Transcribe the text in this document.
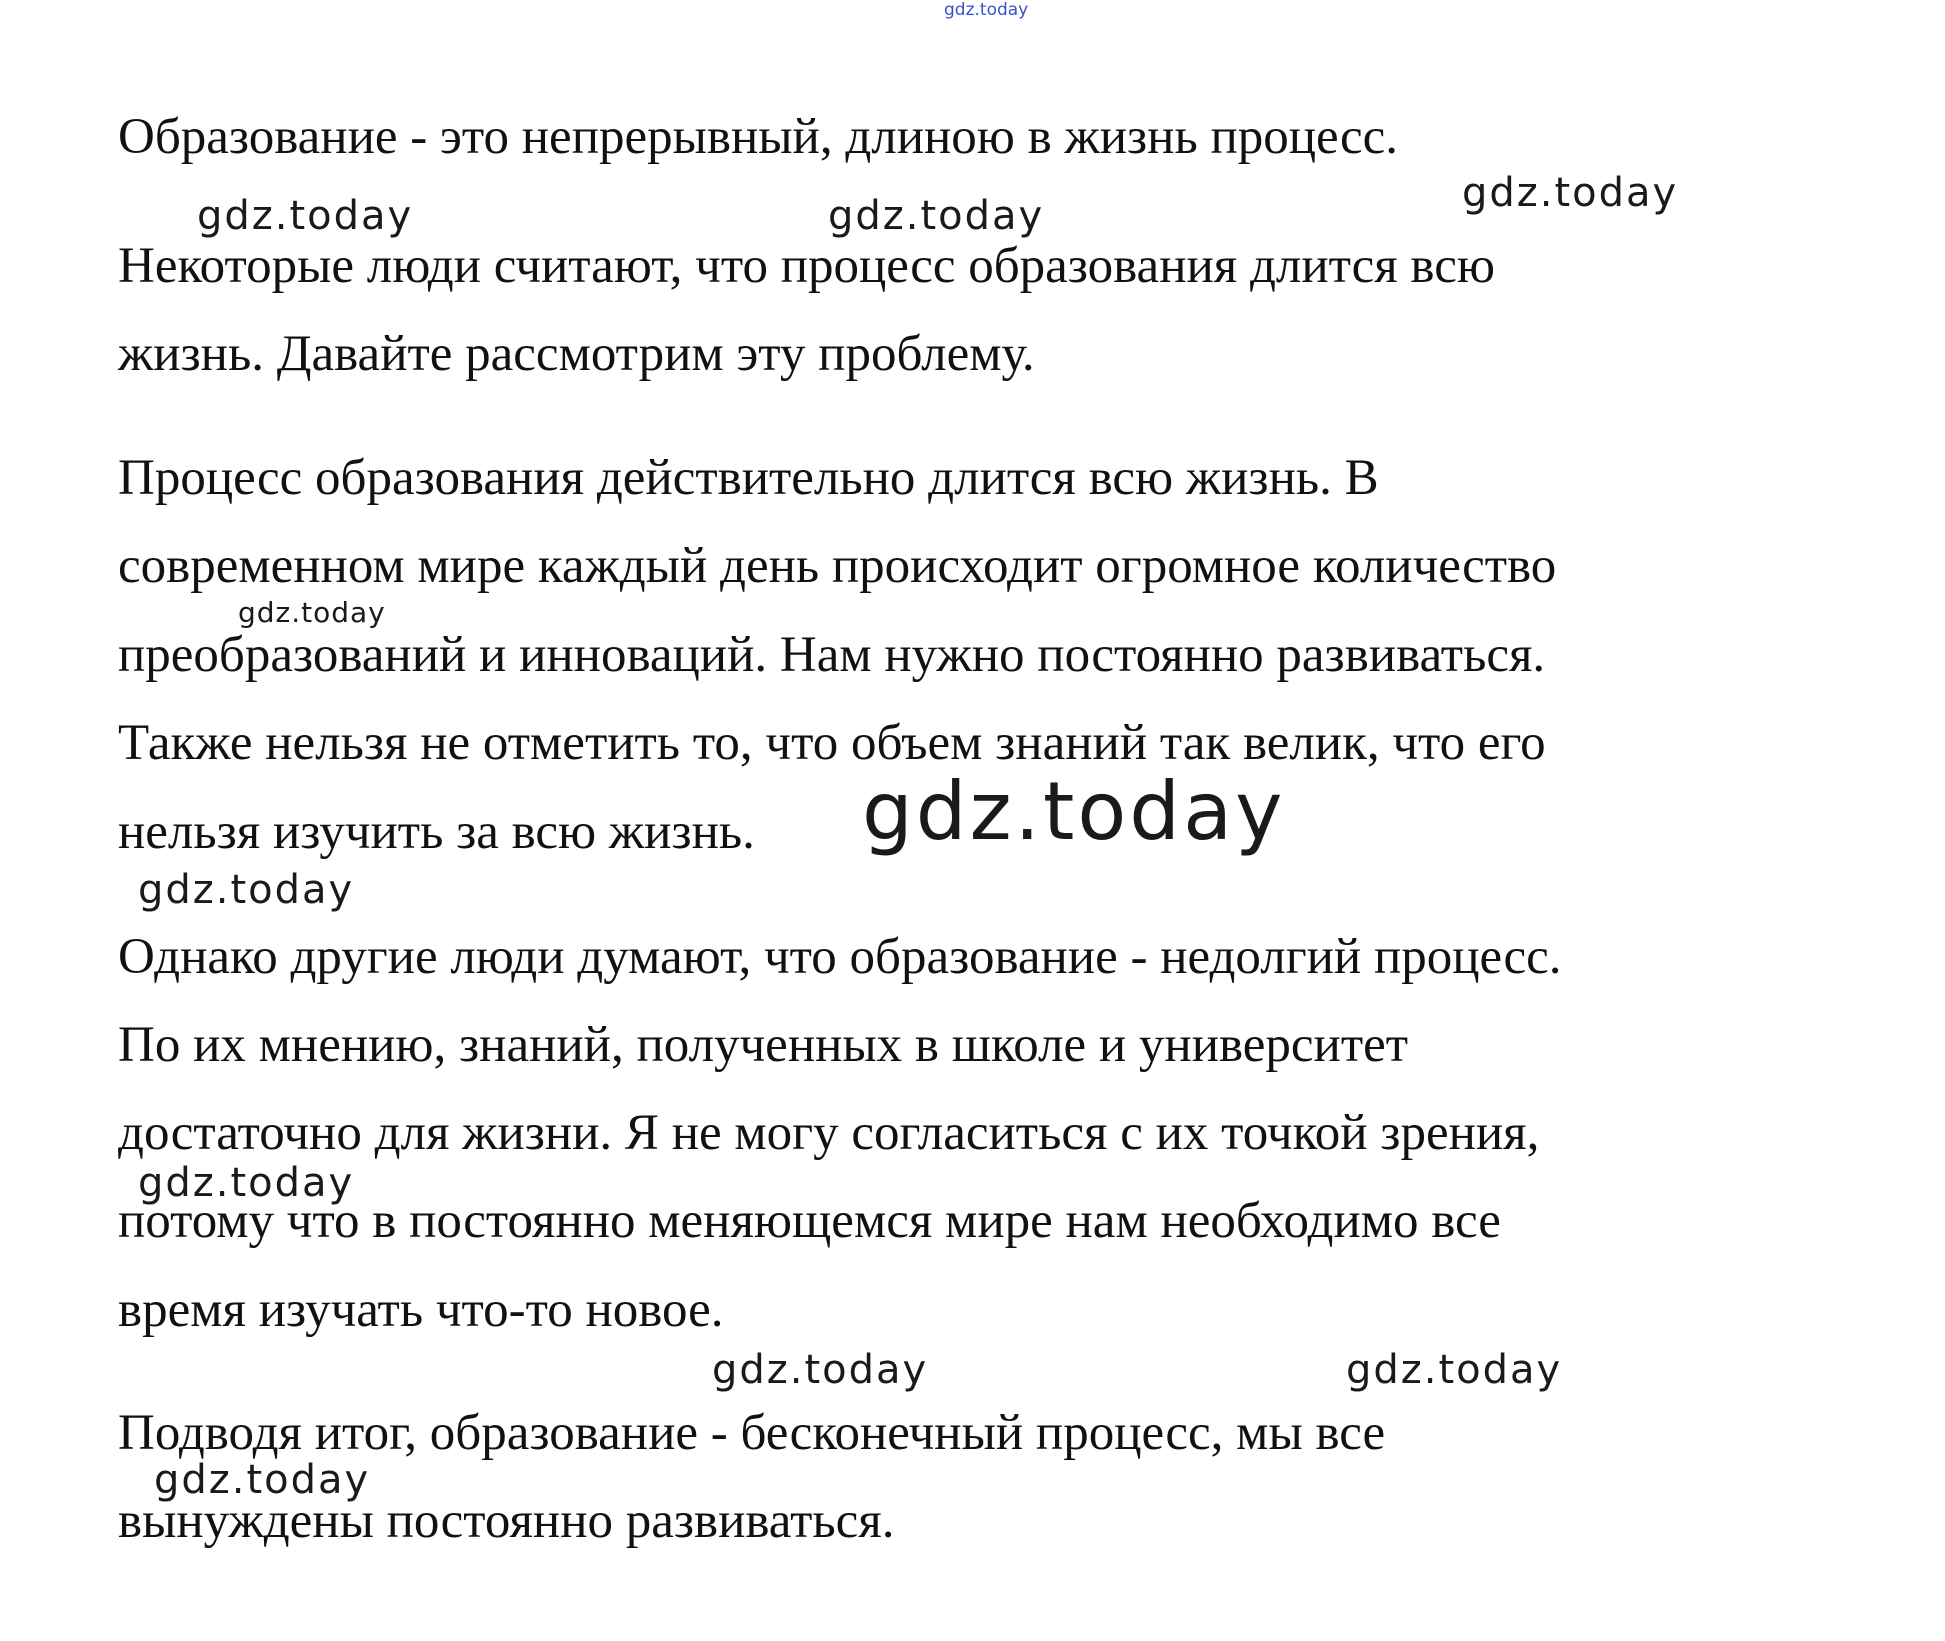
gdz.today
Образование - это непрерывный, длиною в жизнь процесс.
gdz.today	gdz.today	gdz.today
Некоторые люди считают, что процесс образования длится всю
жизнь. Давайте рассмотрим эту проблему.
Процесс образования действительно длится всю жизнь. В
современном мире каждый день происходит огромное количество
gdz.today
преобразований и инноваций. Нам нужно постоянно развиваться.
Также нельзя не отметить то, что объем знаний так велик, что его
нельзя изучить за всю жизнь. gdz.today
gdz.today
Однако другие люди думают, что образование - недолгий процесс.
По их мнению, знаний, полученных в школе и университет
достаточно для жизни. Я не могу согласиться с их точкой зрения,
gdz.today
потому что в постоянно меняющемся мире нам необходимо все
время изучать что-то новое.
gdz.today	gdz.today
Подводя итог, образование - бесконечный процесс, мы все
gdz.today
вынуждены постоянно развиваться.
